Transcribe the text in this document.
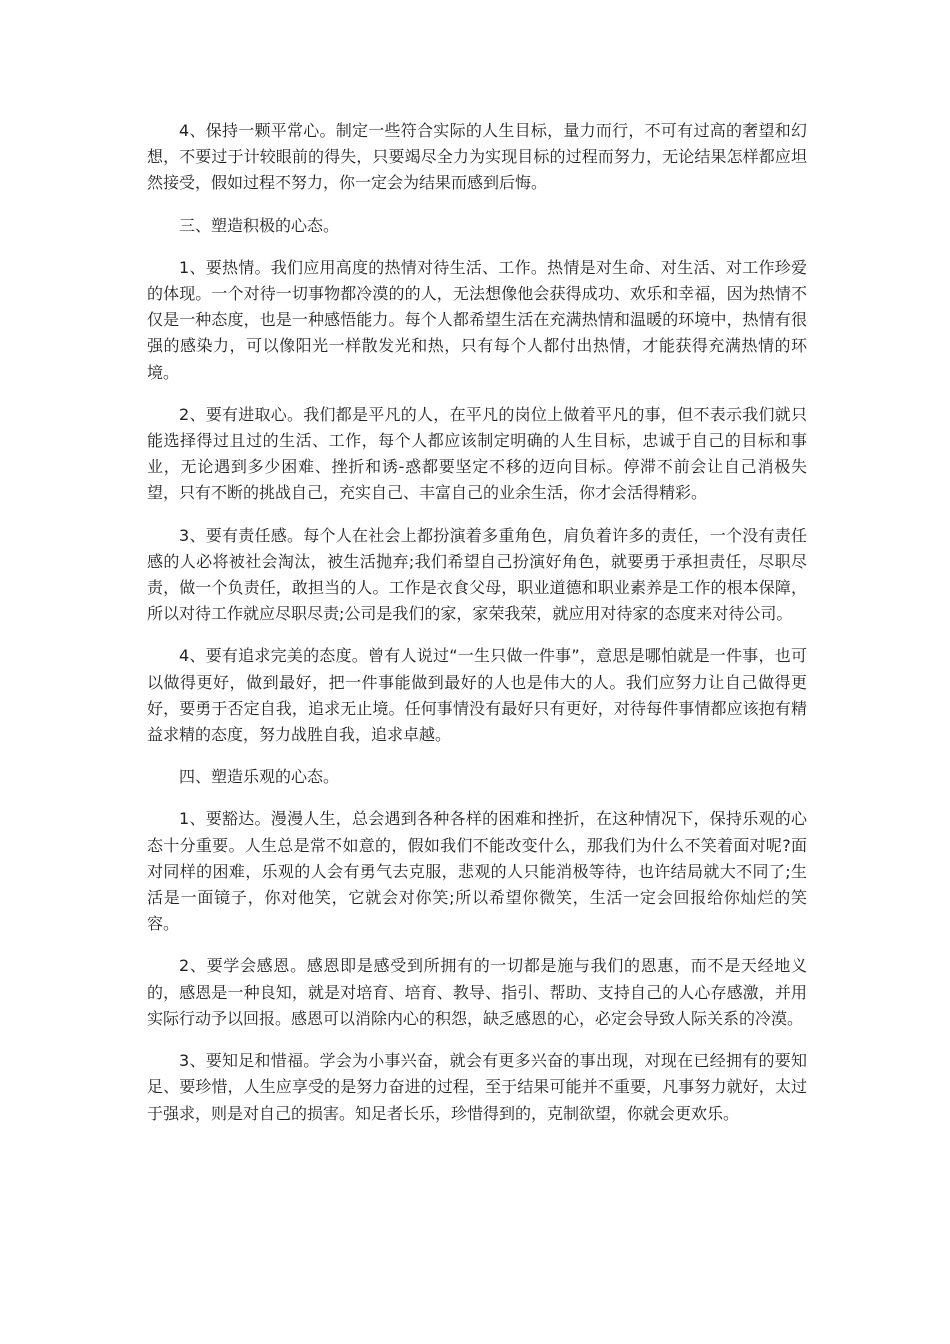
4、保持一颗平常心。制定一些符合实际的人生目标，量力而行，不可有过高的奢望和幻想，不要过于计较眼前的得失，只要竭尽全力为实现目标的过程而努力，无论结果怎样都应坦然接受，假如过程不努力，你一定会为结果而感到后悔。

三、塑造积极的心态。

1、要热情。我们应用高度的热情对待生活、工作。热情是对生命、对生活、对工作珍爱的体现。一个对待一切事物都冷漠的的人，无法想像他会获得成功、欢乐和幸福，因为热情不仅是一种态度，也是一种感悟能力。每个人都希望生活在充满热情和温暖的环境中，热情有很强的感染力，可以像阳光一样散发光和热，只有每个人都付出热情，才能获得充满热情的环境。

2、要有进取心。我们都是平凡的人，在平凡的岗位上做着平凡的事，但不表示我们就只能选择得过且过的生活、工作，每个人都应该制定明确的人生目标，忠诚于自己的目标和事业，无论遇到多少困难、挫折和诱-惑都要坚定不移的迈向目标。停滞不前会让自己消极失望，只有不断的挑战自己，充实自己、丰富自己的业余生活，你才会活得精彩。

3、要有责任感。每个人在社会上都扮演着多重角色，肩负着许多的责任，一个没有责任感的人必将被社会淘汰，被生活抛弃;我们希望自己扮演好角色，就要勇于承担责任，尽职尽责，做一个负责任，敢担当的人。工作是衣食父母，职业道德和职业素养是工作的根本保障，所以对待工作就应尽职尽责;公司是我们的家，家荣我荣，就应用对待家的态度来对待公司。

4、要有追求完美的态度。曾有人说过“一生只做一件事”，意思是哪怕就是一件事，也可以做得更好，做到最好，把一件事能做到最好的人也是伟大的人。我们应努力让自己做得更好，要勇于否定自我，追求无止境。任何事情没有最好只有更好，对待每件事情都应该抱有精益求精的态度，努力战胜自我，追求卓越。

四、塑造乐观的心态。

1、要豁达。漫漫人生，总会遇到各种各样的困难和挫折，在这种情况下，保持乐观的心态十分重要。人生总是常不如意的，假如我们不能改变什么，那我们为什么不笑着面对呢?面对同样的困难，乐观的人会有勇气去克服，悲观的人只能消极等待，也许结局就大不同了;生活是一面镜子，你对他笑，它就会对你笑;所以希望你微笑，生活一定会回报给你灿烂的笑容。

2、要学会感恩。感恩即是感受到所拥有的一切都是施与我们的恩惠，而不是天经地义的，感恩是一种良知，就是对培育、培育、教导、指引、帮助、支持自己的人心存感激，并用实际行动予以回报。感恩可以消除内心的积怨，缺乏感恩的心，必定会导致人际关系的冷漠。

3、要知足和惜福。学会为小事兴奋，就会有更多兴奋的事出现，对现在已经拥有的要知足、要珍惜，人生应享受的是努力奋进的过程，至于结果可能并不重要，凡事努力就好，太过于强求，则是对自己的损害。知足者长乐，珍惜得到的，克制欲望，你就会更欢乐。
